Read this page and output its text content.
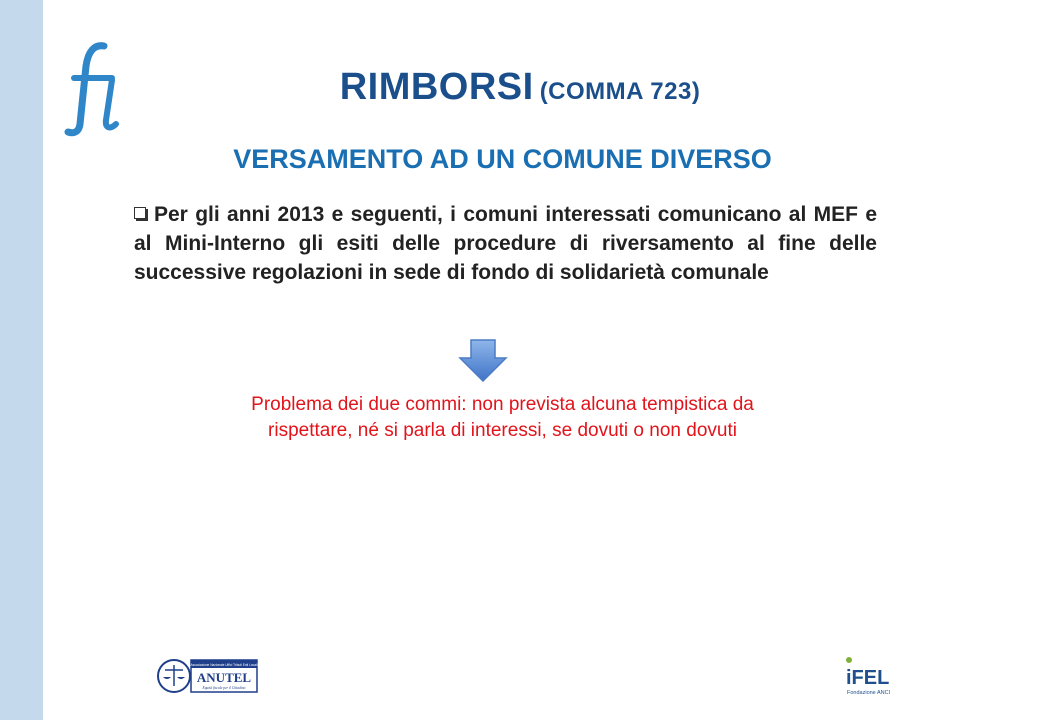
RIMBORSI (COMMA 723)
VERSAMENTO AD UN COMUNE DIVERSO
Per gli anni 2013 e seguenti, i comuni interessati comunicano al MEF e al Mini-Interno gli esiti delle procedure di riversamento al fine delle successive regolazioni in sede di fondo di solidarietà comunale
Problema dei due commi: non prevista alcuna tempistica da
rispettare, né si parla di interessi, se dovuti o non dovuti
Associazione Nazionale Uffici Tributi Enti Locali
ANUTEL
Equità fiscale per il Cittadino	iFEL
Fondazione ANCI
